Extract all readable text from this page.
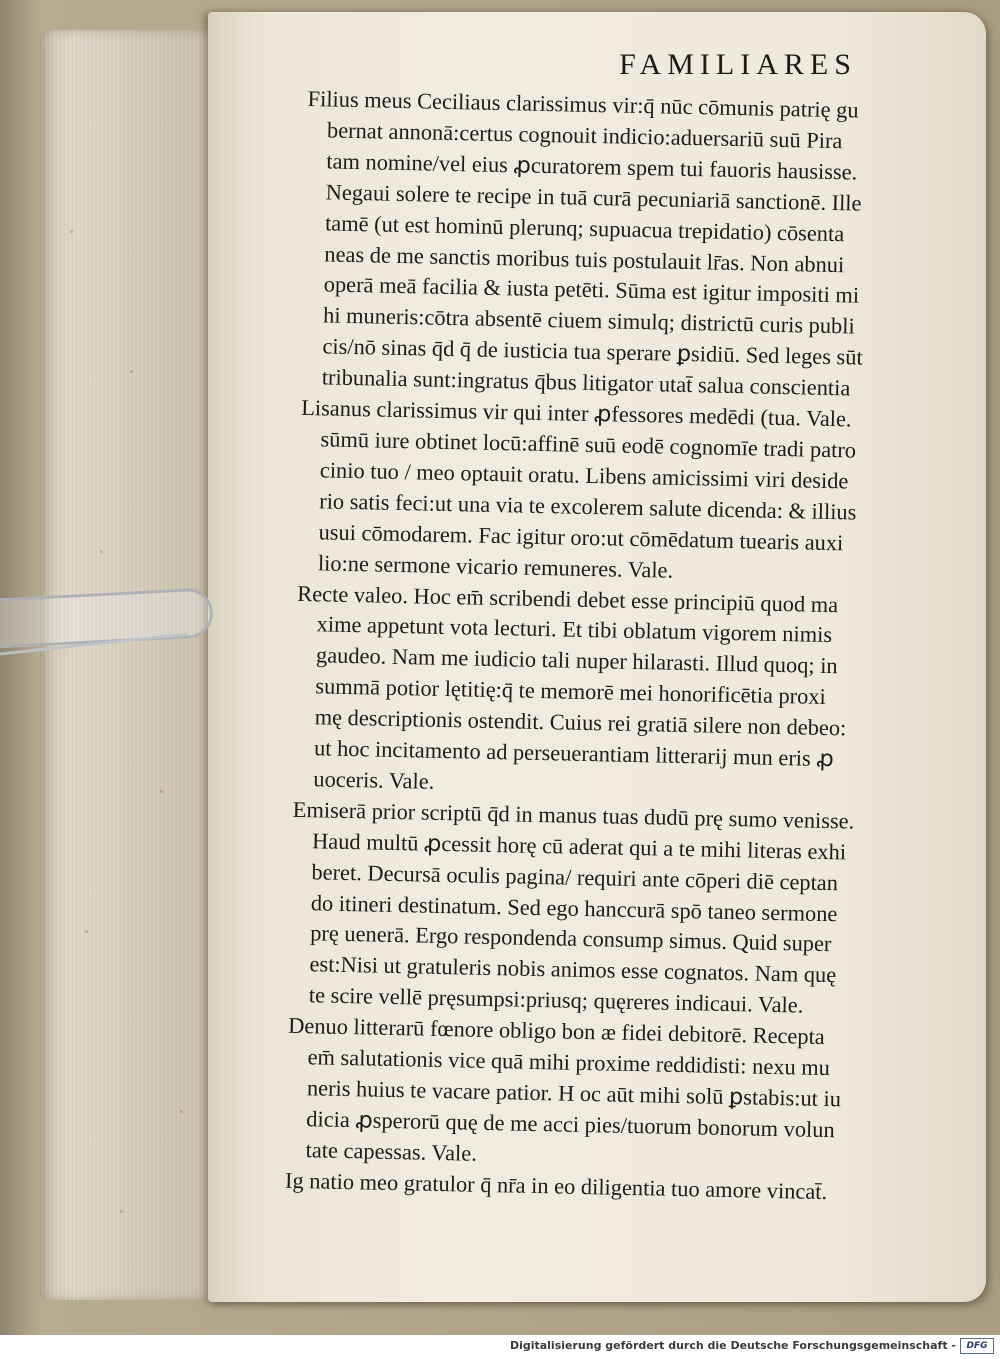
FAMILIARES
Filius meus Ceciliaus clarissimus vir:q̄ nūc cōmunis patrię gu
bernat annonā:certus cognouit indicio:aduersariū suū Pira
tam nomine/vel eius ꝓcuratorem spem tui fauoris hausisse.
Negaui solere te recipe in tuā curā pecuniariā sanctionē. Ille
tamē (ut est hominū plerunq; supuacua trepidatio) cōsenta
neas de me sanctis moribus tuis postulauit lr̄as. Non abnui
operā meā facilia & iusta petēti. Sūma est igitur impositi mi
hi muneris:cōtra absentē ciuem simulq; districtū curis publi
cis/nō sinas q̄d q̄ de iusticia tua sperare ꝑsidiū. Sed leges sūt
tribunalia sunt:ingratus q̄bus litigator utat̄ salua conscientia
Lisanus clarissimus vir qui inter ꝓfessores medēdi (tua. Vale.
sūmū iure obtinet locū:affinē suū eodē cognomīe tradi patro
cinio tuo / meo optauit oratu. Libens amicissimi viri deside
rio satis feci:ut una via te excolerem salute dicenda: & illius
usui cōmodarem. Fac igitur oro:ut cōmēdatum tuearis auxi
lio:ne sermone vicario remuneres. Vale.
Recte valeo. Hoc em̄ scribendi debet esse principiū quod ma
xime appetunt vota lecturi. Et tibi oblatum vigorem nimis
gaudeo. Nam me iudicio tali nuper hilarasti. Illud quoq; in
summā potior lętitię:q̄ te memorē mei honorificētia proxi
mę descriptionis ostendit. Cuius rei gratiā silere non debeo:
ut hoc incitamento ad perseuerantiam litterarij mun eris ꝓ
uoceris. Vale.
Emiserā prior scriptū q̄d in manus tuas dudū prę sumo venisse.
Haud multū ꝓcessit horę cū aderat qui a te mihi literas exhi
beret. Decursā oculis pagina/ requiri ante cōperi diē ceptan
do itineri destinatum. Sed ego hanccurā spō taneo sermone
prę uenerā. Ergo respondenda consump simus. Quid super
est:Nisi ut gratuleris nobis animos esse cognatos. Nam quę
te scire vellē pręsumpsi:priusq; quęreres indicaui. Vale.
Denuo litterarū fœnore obligo bon æ fidei debitorē. Recepta
em̄ salutationis vice quā mihi proxime reddidisti: nexu mu
neris huius te vacare patior. H oc aūt mihi solū ꝑstabis:ut iu
dicia ꝓsperorū quę de me acci pies/tuorum bonorum volun
tate capessas. Vale.
Ig natio meo gratulor q̄ nr̄a in eo diligentia tuo amore vincat̄.
Digitalisierung gefördert durch die Deutsche Forschungsgemeinschaft -	DFG
